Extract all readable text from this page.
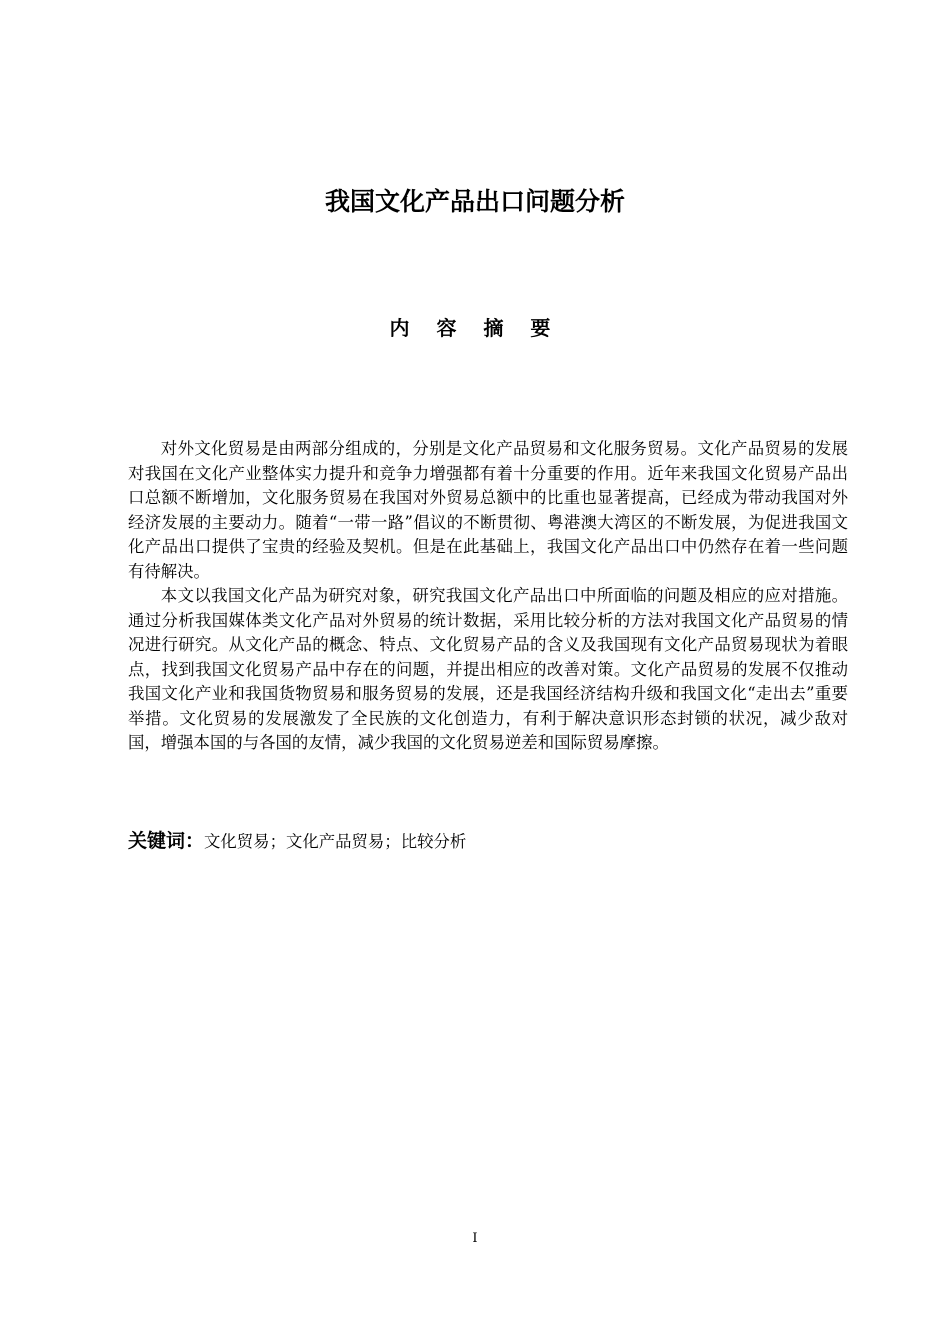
我国文化产品出口问题分析
内 容 摘 要

对外文化贸易是由两部分组成的，分别是文化产品贸易和文化服务贸易。文化产品贸易的发展对我国在文化产业整体实力提升和竞争力增强都有着十分重要的作用。近年来我国文化贸易产品出口总额不断增加，文化服务贸易在我国对外贸易总额中的比重也显著提高，已经成为带动我国对外经济发展的主要动力。随着“一带一路”倡议的不断贯彻、粤港澳大湾区的不断发展，为促进我国文化产品出口提供了宝贵的经验及契机。但是在此基础上，我国文化产品出口中仍然存在着一些问题有待解决。

本文以我国文化产品为研究对象，研究我国文化产品出口中所面临的问题及相应的应对措施。通过分析我国媒体类文化产品对外贸易的统计数据，采用比较分析的方法对我国文化产品贸易的情况进行研究。从文化产品的概念、特点、文化贸易产品的含义及我国现有文化产品贸易现状为着眼点，找到我国文化贸易产品中存在的问题，并提出相应的改善对策。文化产品贸易的发展不仅推动我国文化产业和我国货物贸易和服务贸易的发展，还是我国经济结构升级和我国文化“走出去”重要举措。文化贸易的发展激发了全民族的文化创造力，有利于解决意识形态封锁的状况，减少敌对国，增强本国的与各国的友情，减少我国的文化贸易逆差和国际贸易摩擦。

关键词：文化贸易；文化产品贸易；比较分析
I
